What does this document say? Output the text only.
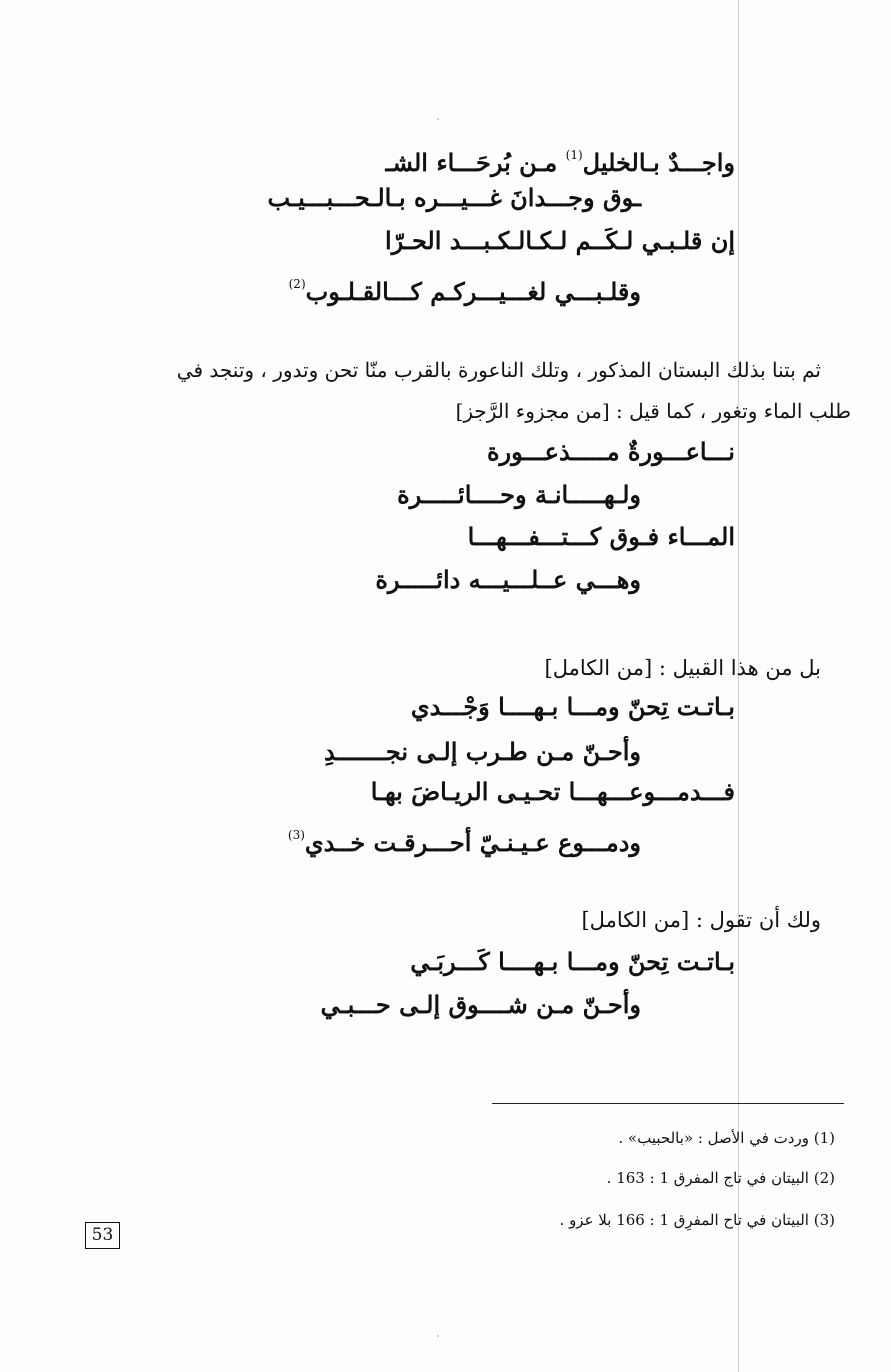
واجـــدٌ بـالخليل$^{(1)}$ مـن بُرحَـــاء الشـ
ـوق وجـــدانَ غـــيـــره بـالـحـــبـــيـب
إن قلـبـي لـكَــم لـكـالـكـبـــد الحـرّا
وقلـبـــي لغـــيـــركـم كـــالقـلـوب$^{(2)}$
ثم بتنا بذلك البستان المذكور ، وتلك الناعورة بالقرب منّا تحن وتدور ، وتنجد في
طلب الماء وتغور ، كما قيل : [من مجزوء الرَّجز]
نـــاعـــورةٌ مـــــذعـــورة
ولـهـــــانـة وحــــائـــــرة
المـــاء فـوق كـــتـــفـــهـــا
وهـــي عــلـــيـــه دائـــــرة
بل من هذا القبيل : [من الكامل]
بـاتـت تِحنّ ومـــا بـهــــا وَجْـــدي
وأحـنّ مـن طـرب إلـى نجـــــــدِ
فـــدمـــوعـــهـــا تحـيـى الريـاضَ بهـا
ودمـــوع عـيـنـيّ أحـــرقـت خــدي$^{(3)}$
ولك أن تقول : [من الكامل]
بـاتـت تِحنّ ومـــا بـهــــا كَـــربَـي
وأحـنّ مـن شــــوق إلـى حـــبـي
(1) وردت في الأصل : «بالحبيب» .
(2) البيتان في تاج المفرق 1 : 163 .
(3) البيتان في تاح المفرِق 1 : 166 بلا عزو .
53
